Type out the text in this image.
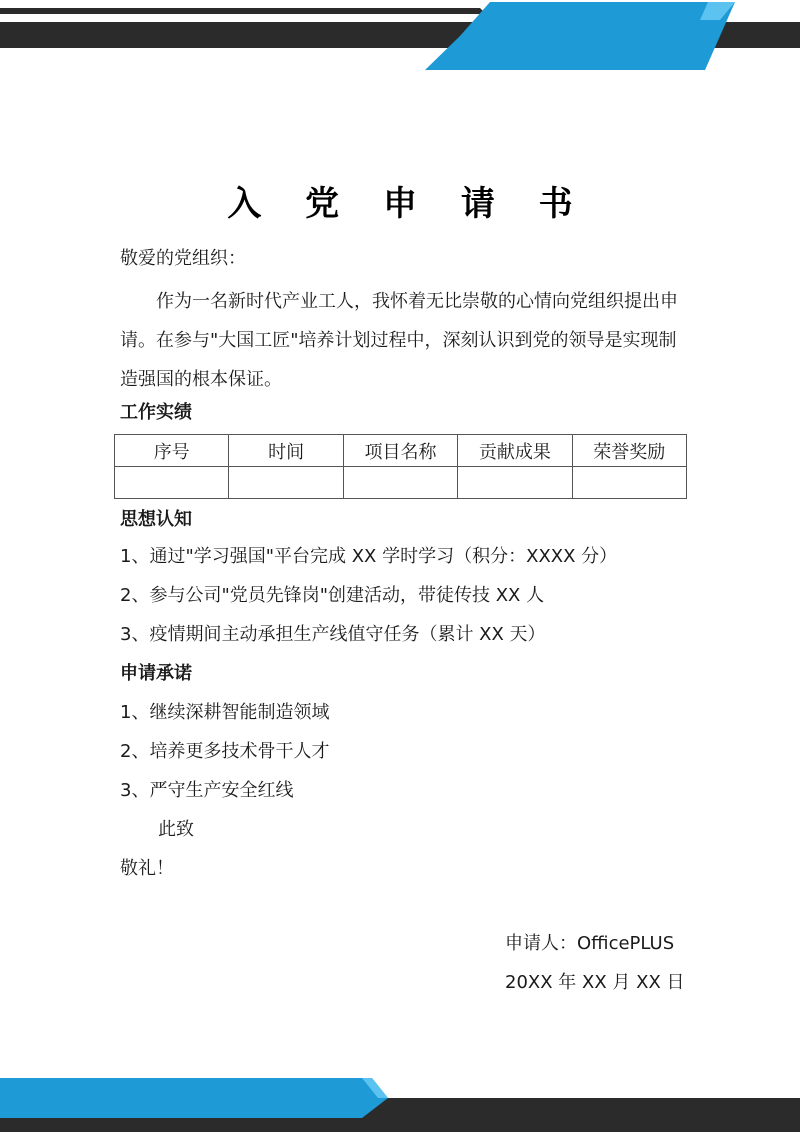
入 党 申 请 书
敬爱的党组织：
作为一名新时代产业工人，我怀着无比崇敬的心情向党组织提出申请。在参与"大国工匠"培养计划过程中，深刻认识到党的领导是实现制造强国的根本保证。
工作实绩
序号	时间	项目名称	贡献成果	荣誉奖励

思想认知
1、通过"学习强国"平台完成 XX 学时学习（积分：XXXX 分）
2、参与公司"党员先锋岗"创建活动，带徒传技 XX 人
3、疫情期间主动承担生产线值守任务（累计 XX 天）
申请承诺
1、继续深耕智能制造领域
2、培养更多技术骨干人才
3、严守生产安全红线
此致
敬礼！
申请人：OfficePLUS
20XX 年 XX 月 XX 日
